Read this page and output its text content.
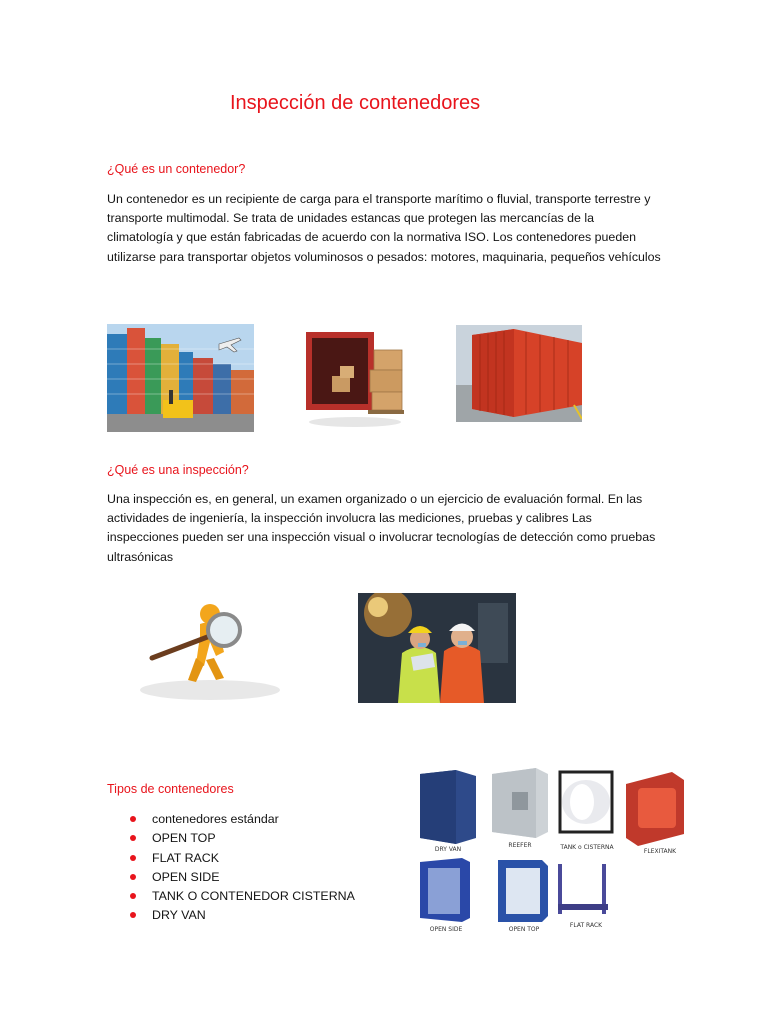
Inspección de contenedores
¿Qué es un contenedor?
Un contenedor es un recipiente de carga para el transporte marítimo o fluvial, transporte terrestre y transporte multimodal. Se trata de unidades estancas que protegen las mercancías de la climatología y que están fabricadas de acuerdo con la normativa ISO. Los contenedores pueden utilizarse para transportar objetos voluminosos o pesados: motores, maquinaria, pequeños vehículos
¿Qué es una inspección?
Una inspección es, en general, un examen organizado o un ejercicio de evaluación formal. En las actividades de ingeniería, la inspección involucra las mediciones, pruebas y calibres Las inspecciones pueden ser una inspección visual o involucrar tecnologías de detección como pruebas ultrasónicas
Tipos de contenedores
contenedores estándar
OPEN TOP
FLAT RACK
OPEN SIDE
TANK O CONTENEDOR CISTERNA
DRY VAN
DRY VAN
REEFER	TANK o CISTERNA
FLEXITANK
OPEN SIDE	OPEN TOP
FLAT RACK
